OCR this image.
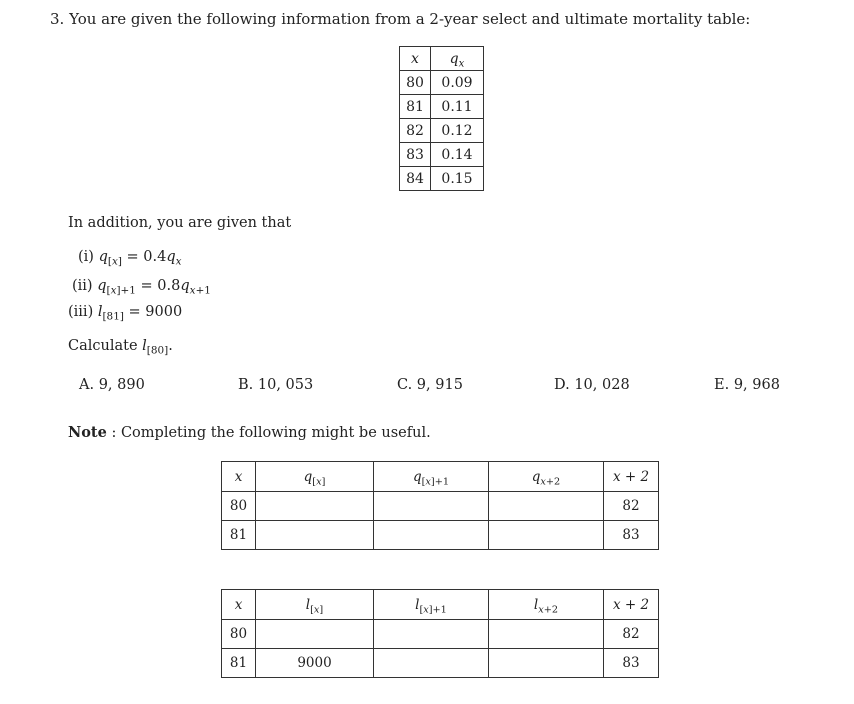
3. You are given the following information from a 2-year select and ultimate mortality table:
x	$q_x$
80	0.09
81	0.11
82	0.12
83	0.14
84	0.15
In addition, you are given that
(i) $q_{[x]} = 0.4q_x$
(ii) $q_{[x]+1} = 0.8q_{x+1}$
(iii) $l_{[81]} = 9000$
Calculate $l_{[80]}$.
A. 9, 890	B. 10, 053	C. 9, 915	D. 10, 028	E. 9, 968
Note : Completing the following might be useful.
x	$q_{[x]}$	$q_{[x]+1}$	$q_{x+2}$	x + 2
80				82
81				83
x	$l_{[x]}$	$l_{[x]+1}$	$l_{x+2}$	x + 2
80				82
81	9000			83
